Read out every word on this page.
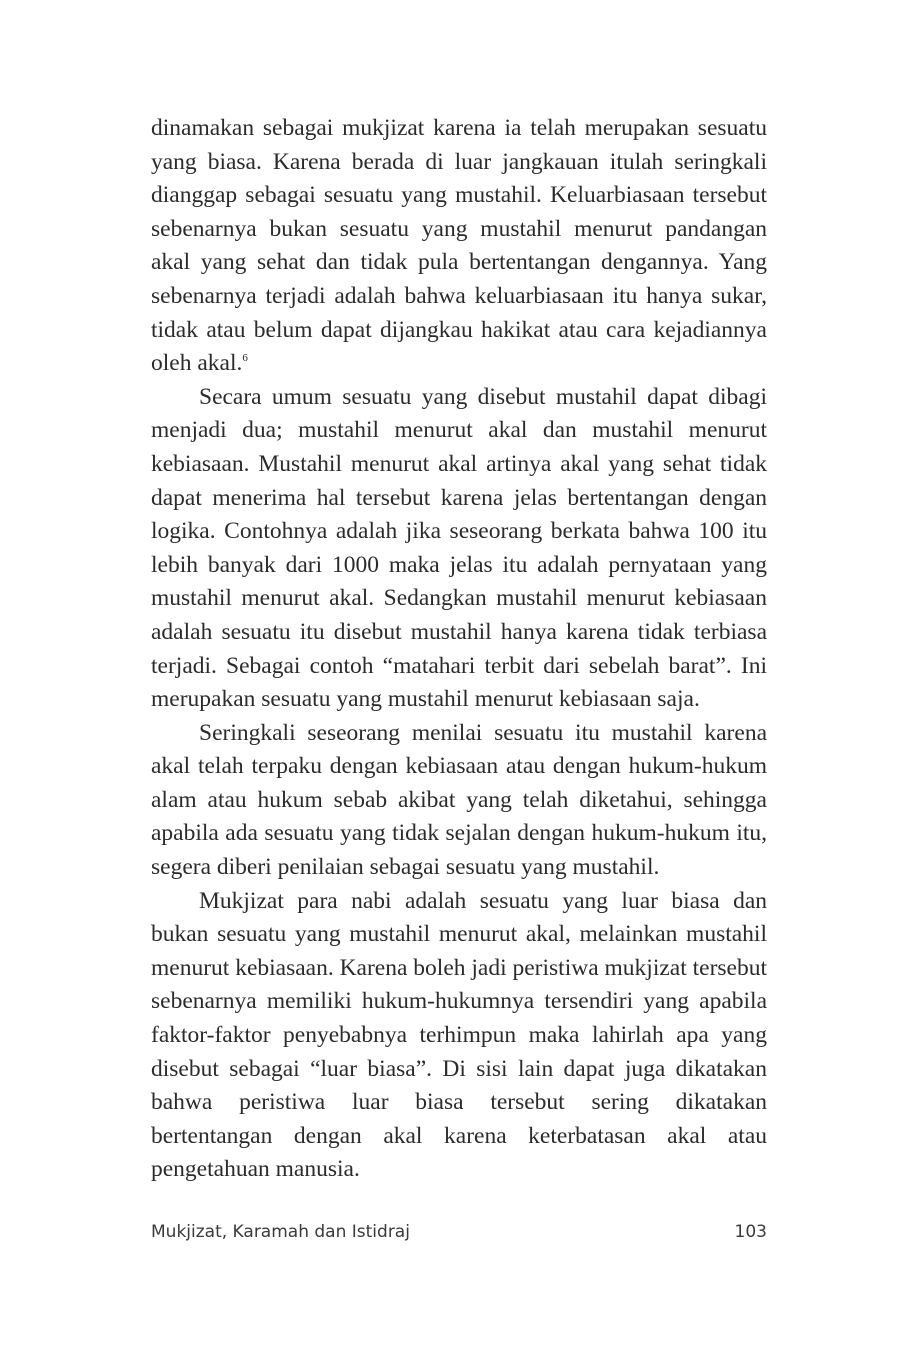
dinamakan sebagai mukjizat karena ia telah merupakan sesuatu yang biasa. Karena berada di luar jangkauan itulah seringkali dianggap sebagai sesuatu yang mustahil. Keluarbiasaan tersebut sebenarnya bukan sesuatu yang mustahil menurut pandangan akal yang sehat dan tidak pula bertentangan dengannya. Yang sebenarnya terjadi adalah bahwa keluarbiasaan itu hanya sukar, tidak atau belum dapat dijangkau hakikat atau cara kejadiannya oleh akal.$^6$

Secara umum sesuatu yang disebut mustahil dapat dibagi menjadi dua; mustahil menurut akal dan mustahil menurut kebiasaan. Mustahil menurut akal artinya akal yang sehat tidak dapat menerima hal tersebut karena jelas bertentangan dengan logika. Contohnya adalah jika seseorang berkata bahwa 100 itu lebih banyak dari 1000 maka jelas itu adalah pernyataan yang mustahil menurut akal. Sedangkan mustahil menurut kebiasaan adalah sesuatu itu disebut mustahil hanya karena tidak terbiasa terjadi. Sebagai contoh “matahari terbit dari sebelah barat”. Ini merupakan sesuatu yang mustahil menurut kebiasaan saja.

Seringkali seseorang menilai sesuatu itu mustahil karena akal telah terpaku dengan kebiasaan atau dengan hukum-hukum alam atau hukum sebab akibat yang telah diketahui, sehingga apabila ada sesuatu yang tidak sejalan dengan hukum-hukum itu, segera diberi penilaian sebagai sesuatu yang mustahil.

Mukjizat para nabi adalah sesuatu yang luar biasa dan bukan sesuatu yang mustahil menurut akal, melainkan mustahil menurut kebiasaan. Karena boleh jadi peristiwa mukjizat tersebut sebenarnya memiliki hukum-hukumnya tersendiri yang apabila faktor-faktor penyebabnya terhimpun maka lahirlah apa yang disebut sebagai “luar biasa”. Di sisi lain dapat juga dikatakan bahwa peristiwa luar biasa tersebut sering dikatakan bertentangan dengan akal karena keterbatasan akal atau pengetahuan manusia.

Mukjizat, Karamah dan Istidraj	103
